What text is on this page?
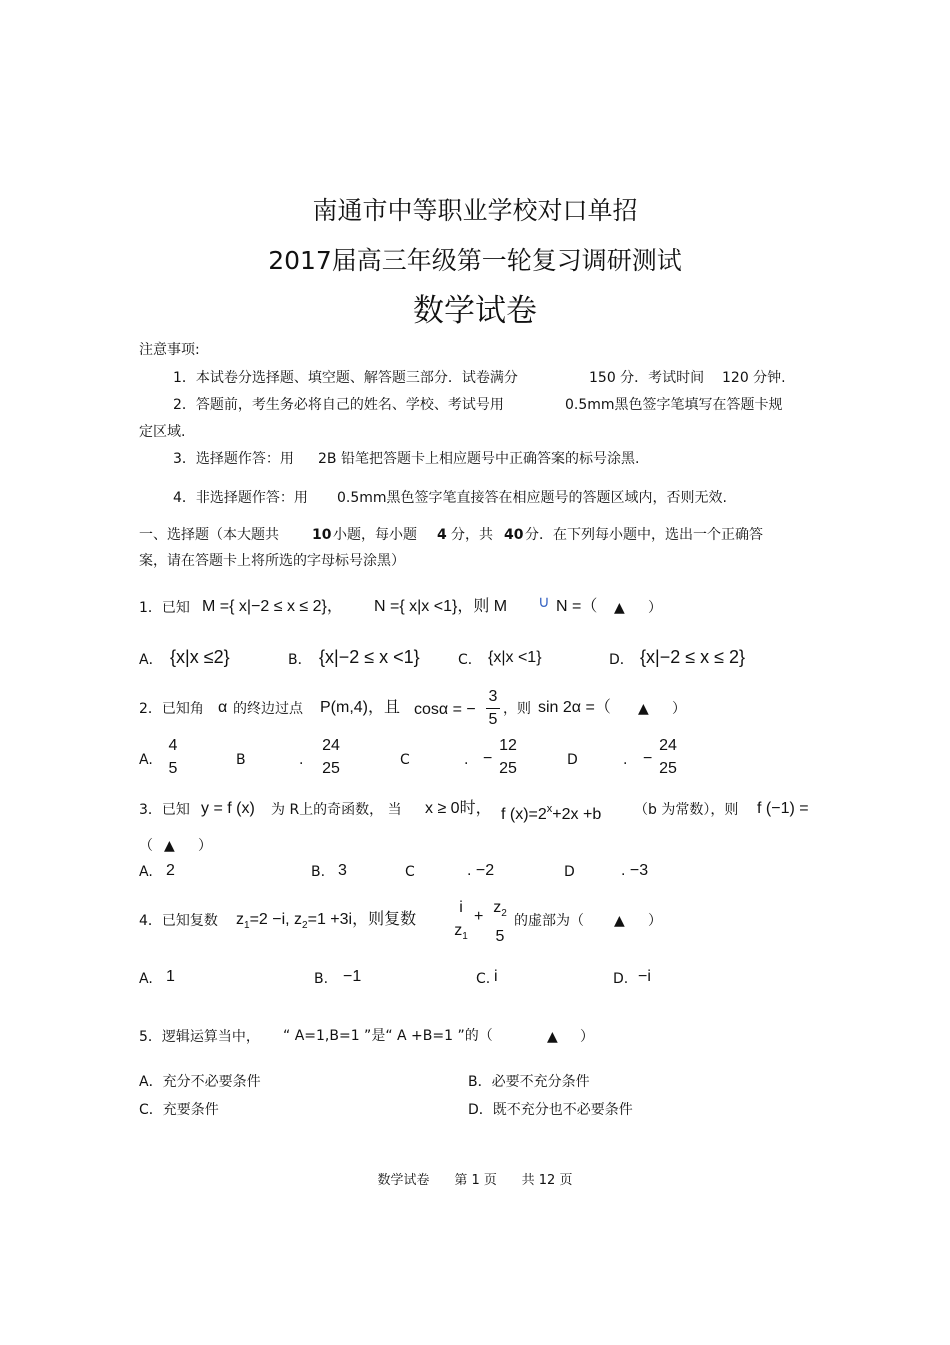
南通市中等职业学校对口单招
2017届高三年级第一轮复习调研测试
数学试卷
注意事项:
1．本试卷分选择题、填空题、解答题三部分．试卷满分	150 分．考试时间 120 分钟.
2．答题前，考生务必将自己的姓名、学校、考试号用	0.5mm黑色签字笔填写在答题卡规
定区域.
3．选择题作答：用 2B 铅笔把答题卡上相应题号中正确答案的标号涂黑.
4．非选择题作答：用 0.5mm黑色签字笔直接答在相应题号的答题区域内，否则无效.
一、选择题（本大题共 10 小题，每小题 4 分，共 40 分．在下列每小题中，选出一个正确答
案，请在答题卡上将所选的字母标号涂黑）
1．已知 M ={ x|−2 ≤ x ≤ 2}， N ={ x|x <1}，则 M ∪ N =（ ▲ ）
A． {x|x ≤2}	B． {x|−2 ≤ x <1}	C． {x|x <1}	D． {x|−2 ≤ x ≤ 2}
2．已知角 α 的终边过点 P(m,4)，且 cosα = −
3
5
，则 sin 2α =（ ▲ ）
A.
4
5	B	.
24
25	C	. −
12
25	D	. −
24
25
3．已知 y = f (x) 为 R上的奇函数， 当 x ≥ 0时， f $(x)=2^x+2x +b$ （b 为常数），则 f (−1) =
（ ▲ ）
A. 2	B. 3	C	. −2	D	. −3
4．已知复数 $z_1=2 -i$, $z_2=1 +3i$，则复数
i
$z_1$
+
$z_2$
5
的虚部为（ ▲ ）
A. 1	B. −1	C. i	D. −i
5．逻辑运算当中， “ A=1,B=1 ”是“ A +B=1 ”的（	▲ ）
A．充分不必要条件	B．必要不充分条件
C．充要条件	D．既不充分也不必要条件
数学试卷      第 1 页      共 12 页
